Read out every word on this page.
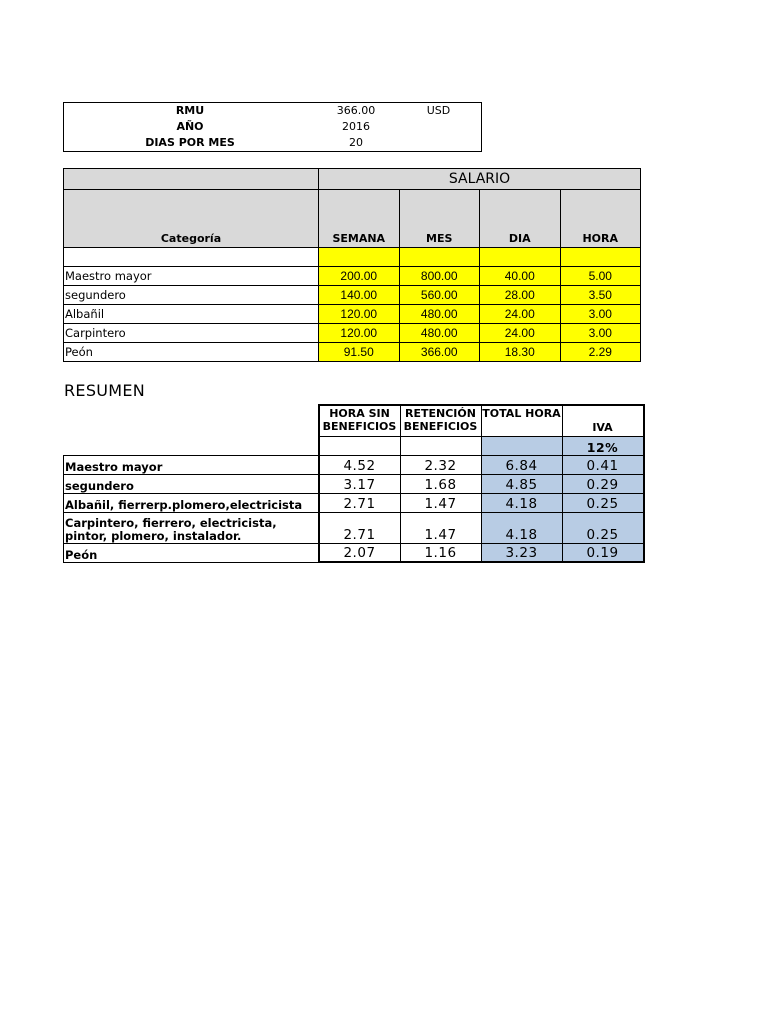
RMU	366.00	USD
AÑO	2016	
DIAS POR MES	20	
	SALARIO			
Categoría	SEMANA	MES	DIA	HORA

Maestro mayor	200.00	800.00	40.00	5.00
segundero	140.00	560.00	28.00	3.50
Albañil	120.00	480.00	24.00	3.00
Carpintero	120.00	480.00	24.00	3.00
Peón	91.50	366.00	18.30	2.29
RESUMEN
	HORA SIN BENEFICIOS	RETENCIÓN BENEFICIOS	TOTAL HORA	IVA
				12%
Maestro mayor	4.52	2.32	6.84	0.41
segundero	3.17	1.68	4.85	0.29
Albañil, fierrerp.plomero,electricista	2.71	1.47	4.18	0.25
Carpintero, fierrero, electricista, pintor, plomero, instalador.	2.71	1.47	4.18	0.25
Peón	2.07	1.16	3.23	0.19
